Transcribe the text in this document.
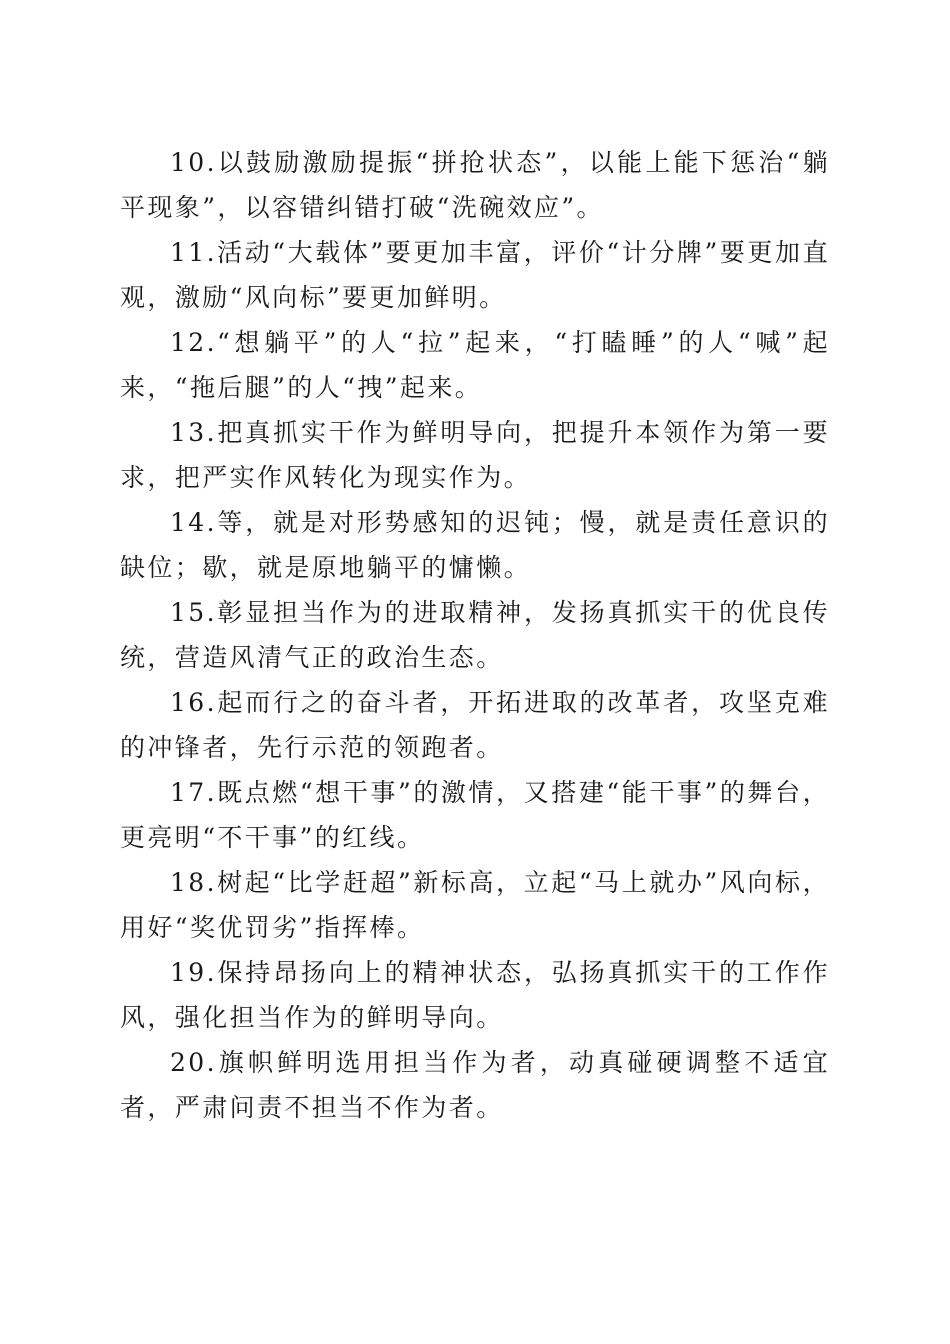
10.以鼓励激励提振“拼抢状态”，以能上能下惩治“躺平现象”，以容错纠错打破“洗碗效应”。

11.活动“大载体”要更加丰富，评价“计分牌”要更加直观，激励“风向标”要更加鲜明。

12.“想躺平”的人“拉”起来，“打瞌睡”的人“喊”起来，“拖后腿”的人“拽”起来。

13.把真抓实干作为鲜明导向，把提升本领作为第一要求，把严实作风转化为现实作为。

14.等，就是对形势感知的迟钝；慢，就是责任意识的缺位；歇，就是原地躺平的慵懒。

15.彰显担当作为的进取精神，发扬真抓实干的优良传统，营造风清气正的政治生态。

16.起而行之的奋斗者，开拓进取的改革者，攻坚克难的冲锋者，先行示范的领跑者。

17.既点燃“想干事”的激情，又搭建“能干事”的舞台，更亮明“不干事”的红线。

18.树起“比学赶超”新标高，立起“马上就办”风向标，用好“奖优罚劣”指挥棒。

19.保持昂扬向上的精神状态，弘扬真抓实干的工作作风，强化担当作为的鲜明导向。

20.旗帜鲜明选用担当作为者，动真碰硬调整不适宜者，严肃问责不担当不作为者。
